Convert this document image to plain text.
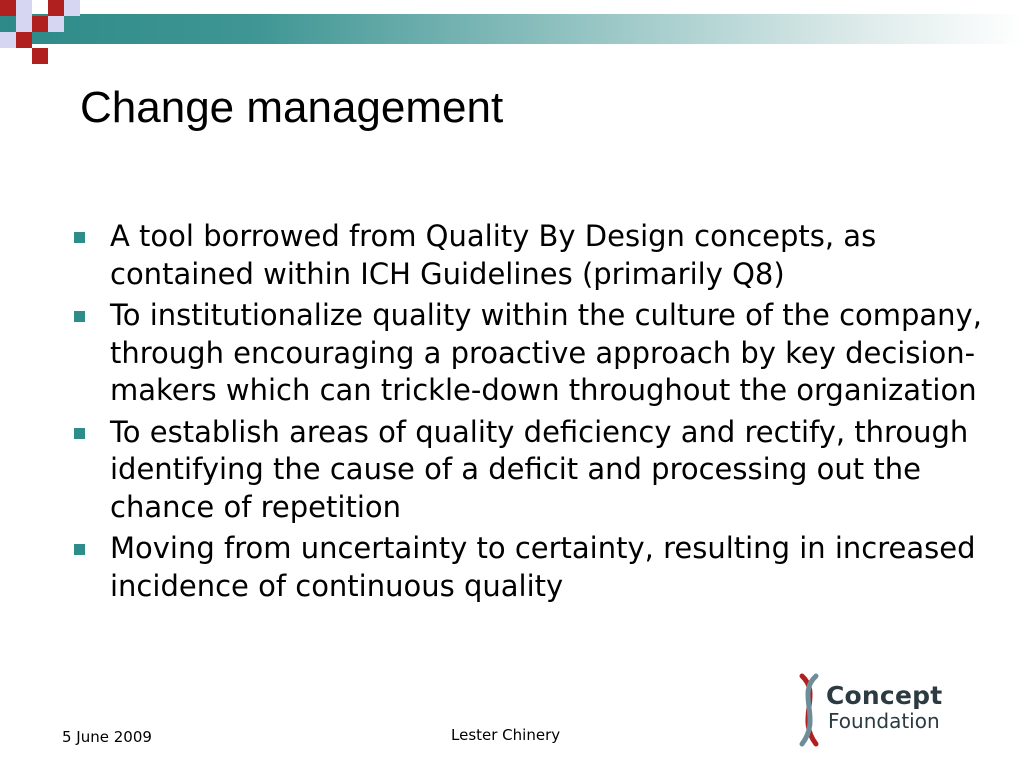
Change management
A tool borrowed from Quality By Design concepts, as contained within ICH Guidelines (primarily Q8)
To institutionalize quality within the culture of the company, through encouraging a proactive approach by key decision-makers which can trickle-down throughout the organization
To establish areas of quality deficiency and rectify, through identifying the cause of a deficit and processing out the chance of repetition
Moving from uncertainty to certainty, resulting in increased incidence of continuous quality
5 June 2009	Lester Chinery
Concept
Foundation
